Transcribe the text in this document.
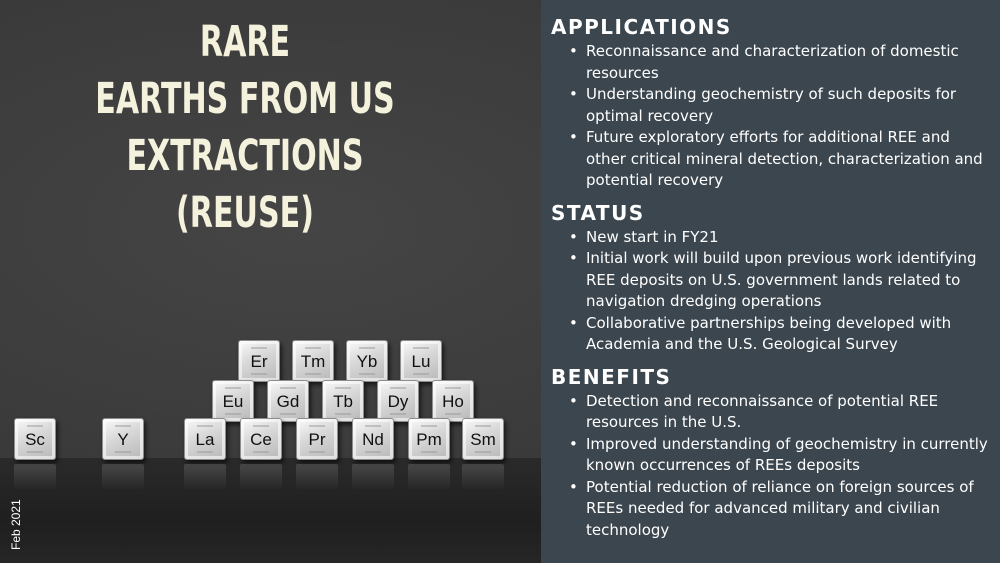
RARE
EARTHS FROM US
EXTRACTIONS (REUSE)
Er	Tm	Yb	Lu
Eu	Gd	Tb	Dy	Ho
Sc	Y	La	Ce	Pr	Nd	Pm	Sm
Feb 2021
APPLICATIONS
• Reconnaissance and characterization of domestic resources
• Understanding geochemistry of such deposits for optimal recovery
• Future exploratory efforts for additional REE and other critical mineral detection, characterization and potential recovery
STATUS
• New start in FY21
• Initial work will build upon previous work identifying REE deposits on U.S. government lands related to navigation dredging operations
• Collaborative partnerships being developed with Academia and the U.S. Geological Survey
BENEFITS
• Detection and reconnaissance of potential REE resources in the U.S.
• Improved understanding of geochemistry in currently known occurrences of REEs deposits
• Potential reduction of reliance on foreign sources of REEs needed for advanced military and civilian technology
